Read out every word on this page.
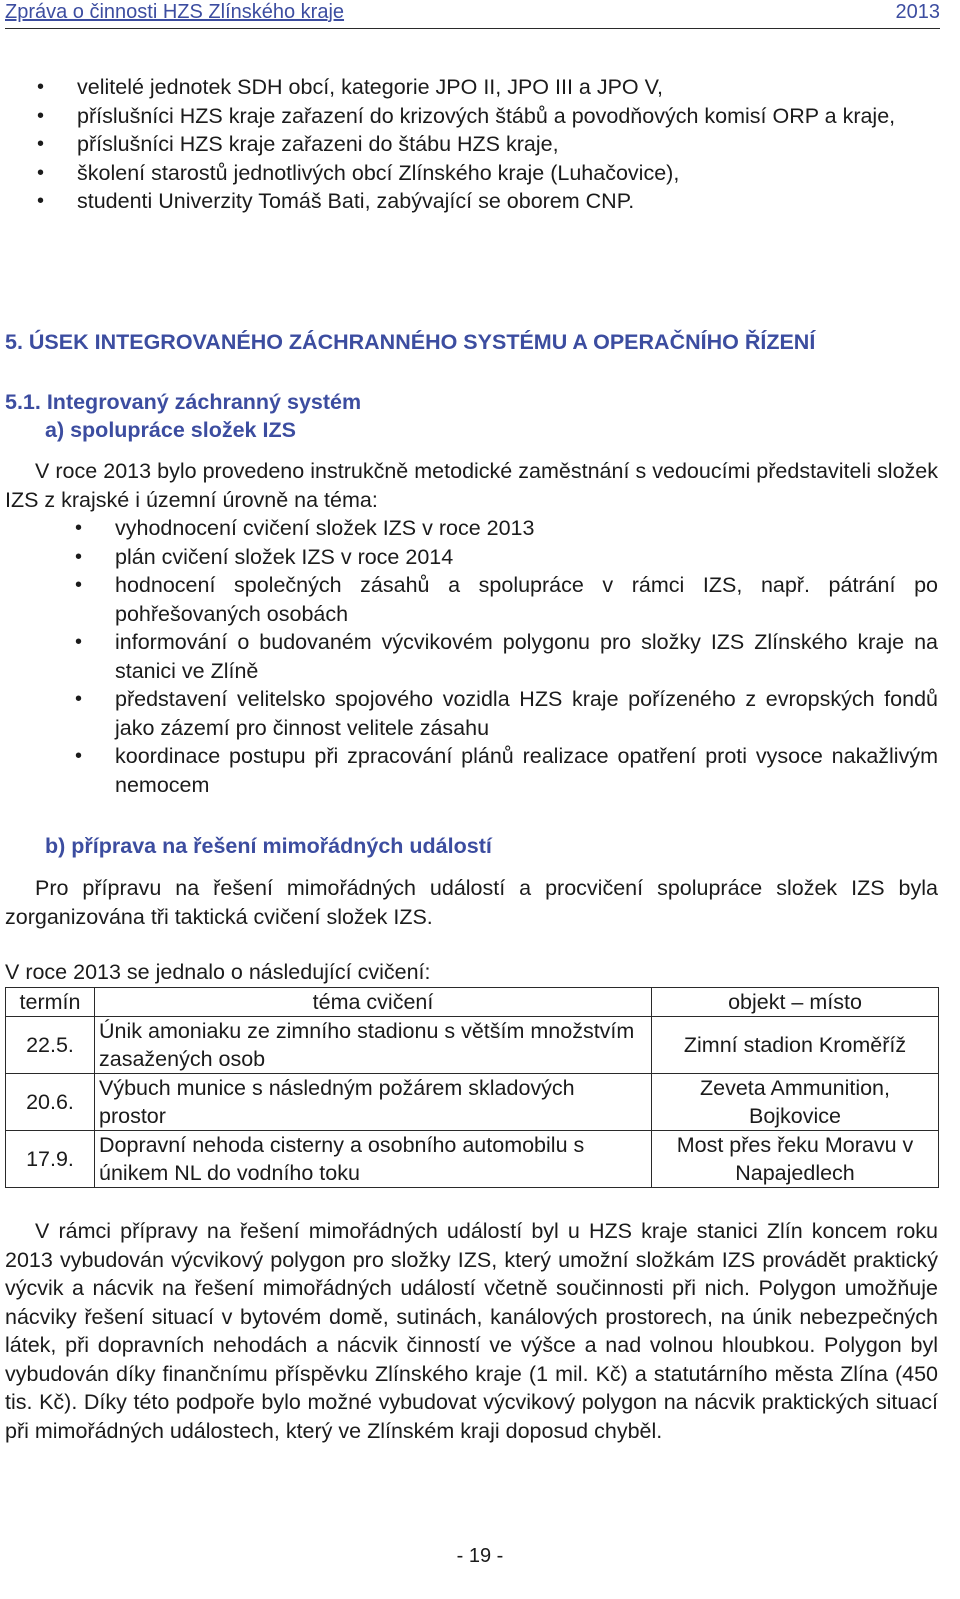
Zpráva o činnosti HZS Zlínského kraje	2013
• velitelé jednotek SDH obcí, kategorie JPO II, JPO III a JPO V,
• příslušníci HZS kraje zařazení do krizových štábů a povodňových komisí ORP a kraje,
• příslušníci HZS kraje zařazeni do štábu HZS kraje,
• školení starostů jednotlivých obcí Zlínského kraje (Luhačovice),
• studenti Univerzity Tomáš Bati, zabývající se oborem CNP.
5. ÚSEK INTEGROVANÉHO ZÁCHRANNÉHO SYSTÉMU A OPERAČNÍHO ŘÍZENÍ
5.1. Integrovaný záchranný systém
a) spolupráce složek IZS

V roce 2013 bylo provedeno instrukčně metodické zaměstnání s vedoucími představiteli složek IZS z krajské i územní úrovně na téma:

• vyhodnocení cvičení složek IZS v roce 2013
• plán cvičení složek IZS v roce 2014
• hodnocení společných zásahů a spolupráce v rámci IZS, např. pátrání po pohřešovaných osobách
• informování o budovaném výcvikovém polygonu pro složky IZS Zlínského kraje na stanici ve Zlíně
• představení velitelsko spojového vozidla HZS kraje pořízeného z evropských fondů jako zázemí pro činnost velitele zásahu
• koordinace postupu při zpracování plánů realizace opatření proti vysoce nakažlivým nemocem
b) příprava na řešení mimořádných událostí

Pro přípravu na řešení mimořádných událostí a procvičení spolupráce složek IZS byla zorganizována tři taktická cvičení složek IZS.

V roce 2013 se jednalo o následující cvičení:

termín	téma cvičení	objekt – místo
22.5.	Únik amoniaku ze zimního stadionu s větším množstvím zasažených osob	Zimní stadion Kroměříž
20.6.	Výbuch munice s následným požárem skladových prostor	Zeveta Ammunition, Bojkovice
17.9.	Dopravní nehoda cisterny a osobního automobilu s únikem NL do vodního toku	Most přes řeku Moravu v Napajedlech

V rámci přípravy na řešení mimořádných událostí byl u HZS kraje stanici Zlín koncem roku 2013 vybudován výcvikový polygon pro složky IZS, který umožní složkám IZS provádět praktický výcvik a nácvik na řešení mimořádných událostí včetně součinnosti při nich. Polygon umožňuje nácviky řešení situací v bytovém domě, sutinách, kanálových prostorech, na únik nebezpečných látek, při dopravních nehodách a nácvik činností ve výšce a nad volnou hloubkou. Polygon byl vybudován díky finančnímu příspěvku Zlínského kraje (1 mil. Kč) a statutárního města Zlína (450 tis. Kč). Díky této podpoře bylo možné vybudovat výcvikový polygon na nácvik praktických situací při mimořádných událostech, který ve Zlínském kraji doposud chyběl.

- 19 -
